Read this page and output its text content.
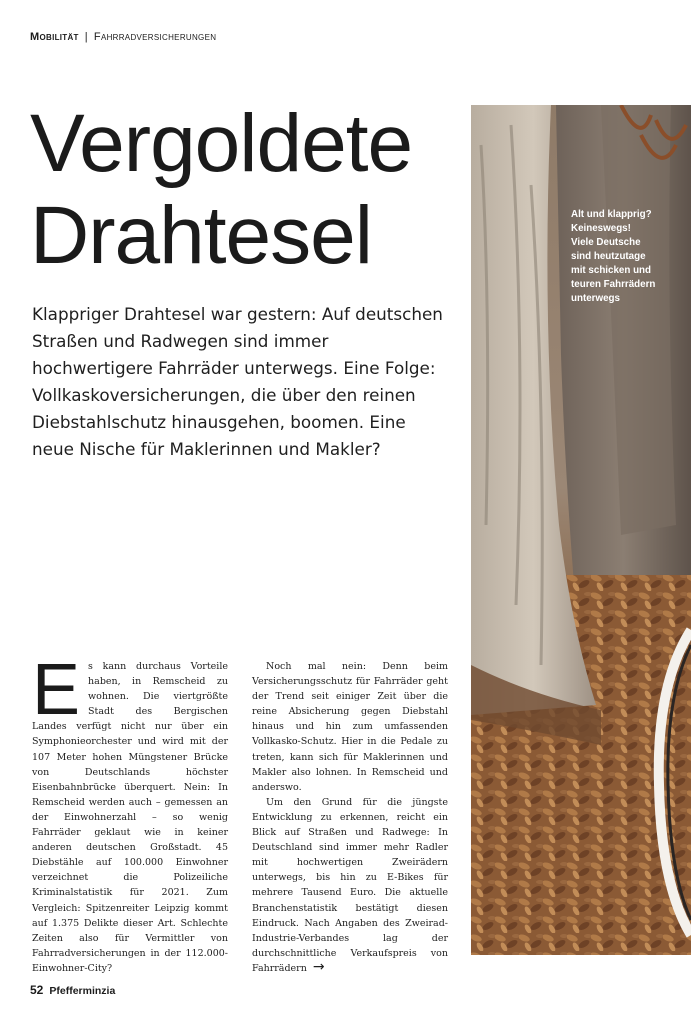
Mobilität | Fahrradversicherungen
Vergoldete Drahtesel

Klappriger Drahtesel war gestern: Auf deutschen Straßen und Radwegen sind immer hochwertigere Fahrräder unterwegs. Eine Folge: Vollkaskoversicherungen, die über den reinen Diebstahlschutz hinausgehen, boomen. Eine neue Nische für Maklerinnen und Makler?

Alt und klapprig?
Keineswegs!
Viele Deutsche
sind heutzutage
mit schicken und
teuren Fahrrädern
unterwegs

Es kann durchaus Vorteile haben, in Remscheid zu wohnen. Die viertgrößte Stadt des Bergischen Landes verfügt nicht nur über ein Symphonieorchester und wird mit der 107 Meter hohen Müngstener Brücke von Deutschlands höchster Eisenbahnbrücke überquert. Nein: In Remscheid werden auch – gemessen an der Einwohnerzahl – so wenig Fahrräder geklaut wie in keiner anderen deutschen Großstadt. 45 Diebstähle auf 100.000 Einwohner verzeichnet die Polizeiliche Kriminalstatistik für 2021. Zum Vergleich: Spitzenreiter Leipzig kommt auf 1.375 Delikte dieser Art. Schlechte Zeiten also für Vermittler von Fahrradversicherungen in der 112.000-Einwohner-City?

Noch mal nein: Denn beim Versicherungsschutz für Fahrräder geht der Trend seit einiger Zeit über die reine Absicherung gegen Diebstahl hinaus und hin zum umfassenden Vollkasko-Schutz. Hier in die Pedale zu treten, kann sich für Maklerinnen und Makler also lohnen. In Remscheid und anderswo.

Um den Grund für die jüngste Entwicklung zu erkennen, reicht ein Blick auf Straßen und Radwege: In Deutschland sind immer mehr Radler mit hochwertigen Zweirädern unterwegs, bis hin zu E-Bikes für mehrere Tausend Euro. Die aktuelle Branchenstatistik bestätigt diesen Eindruck. Nach Angaben des Zweirad-Industrie-Verbandes lag der durchschnittliche Verkaufspreis von Fahrrädern →

52 Pfefferminzia
